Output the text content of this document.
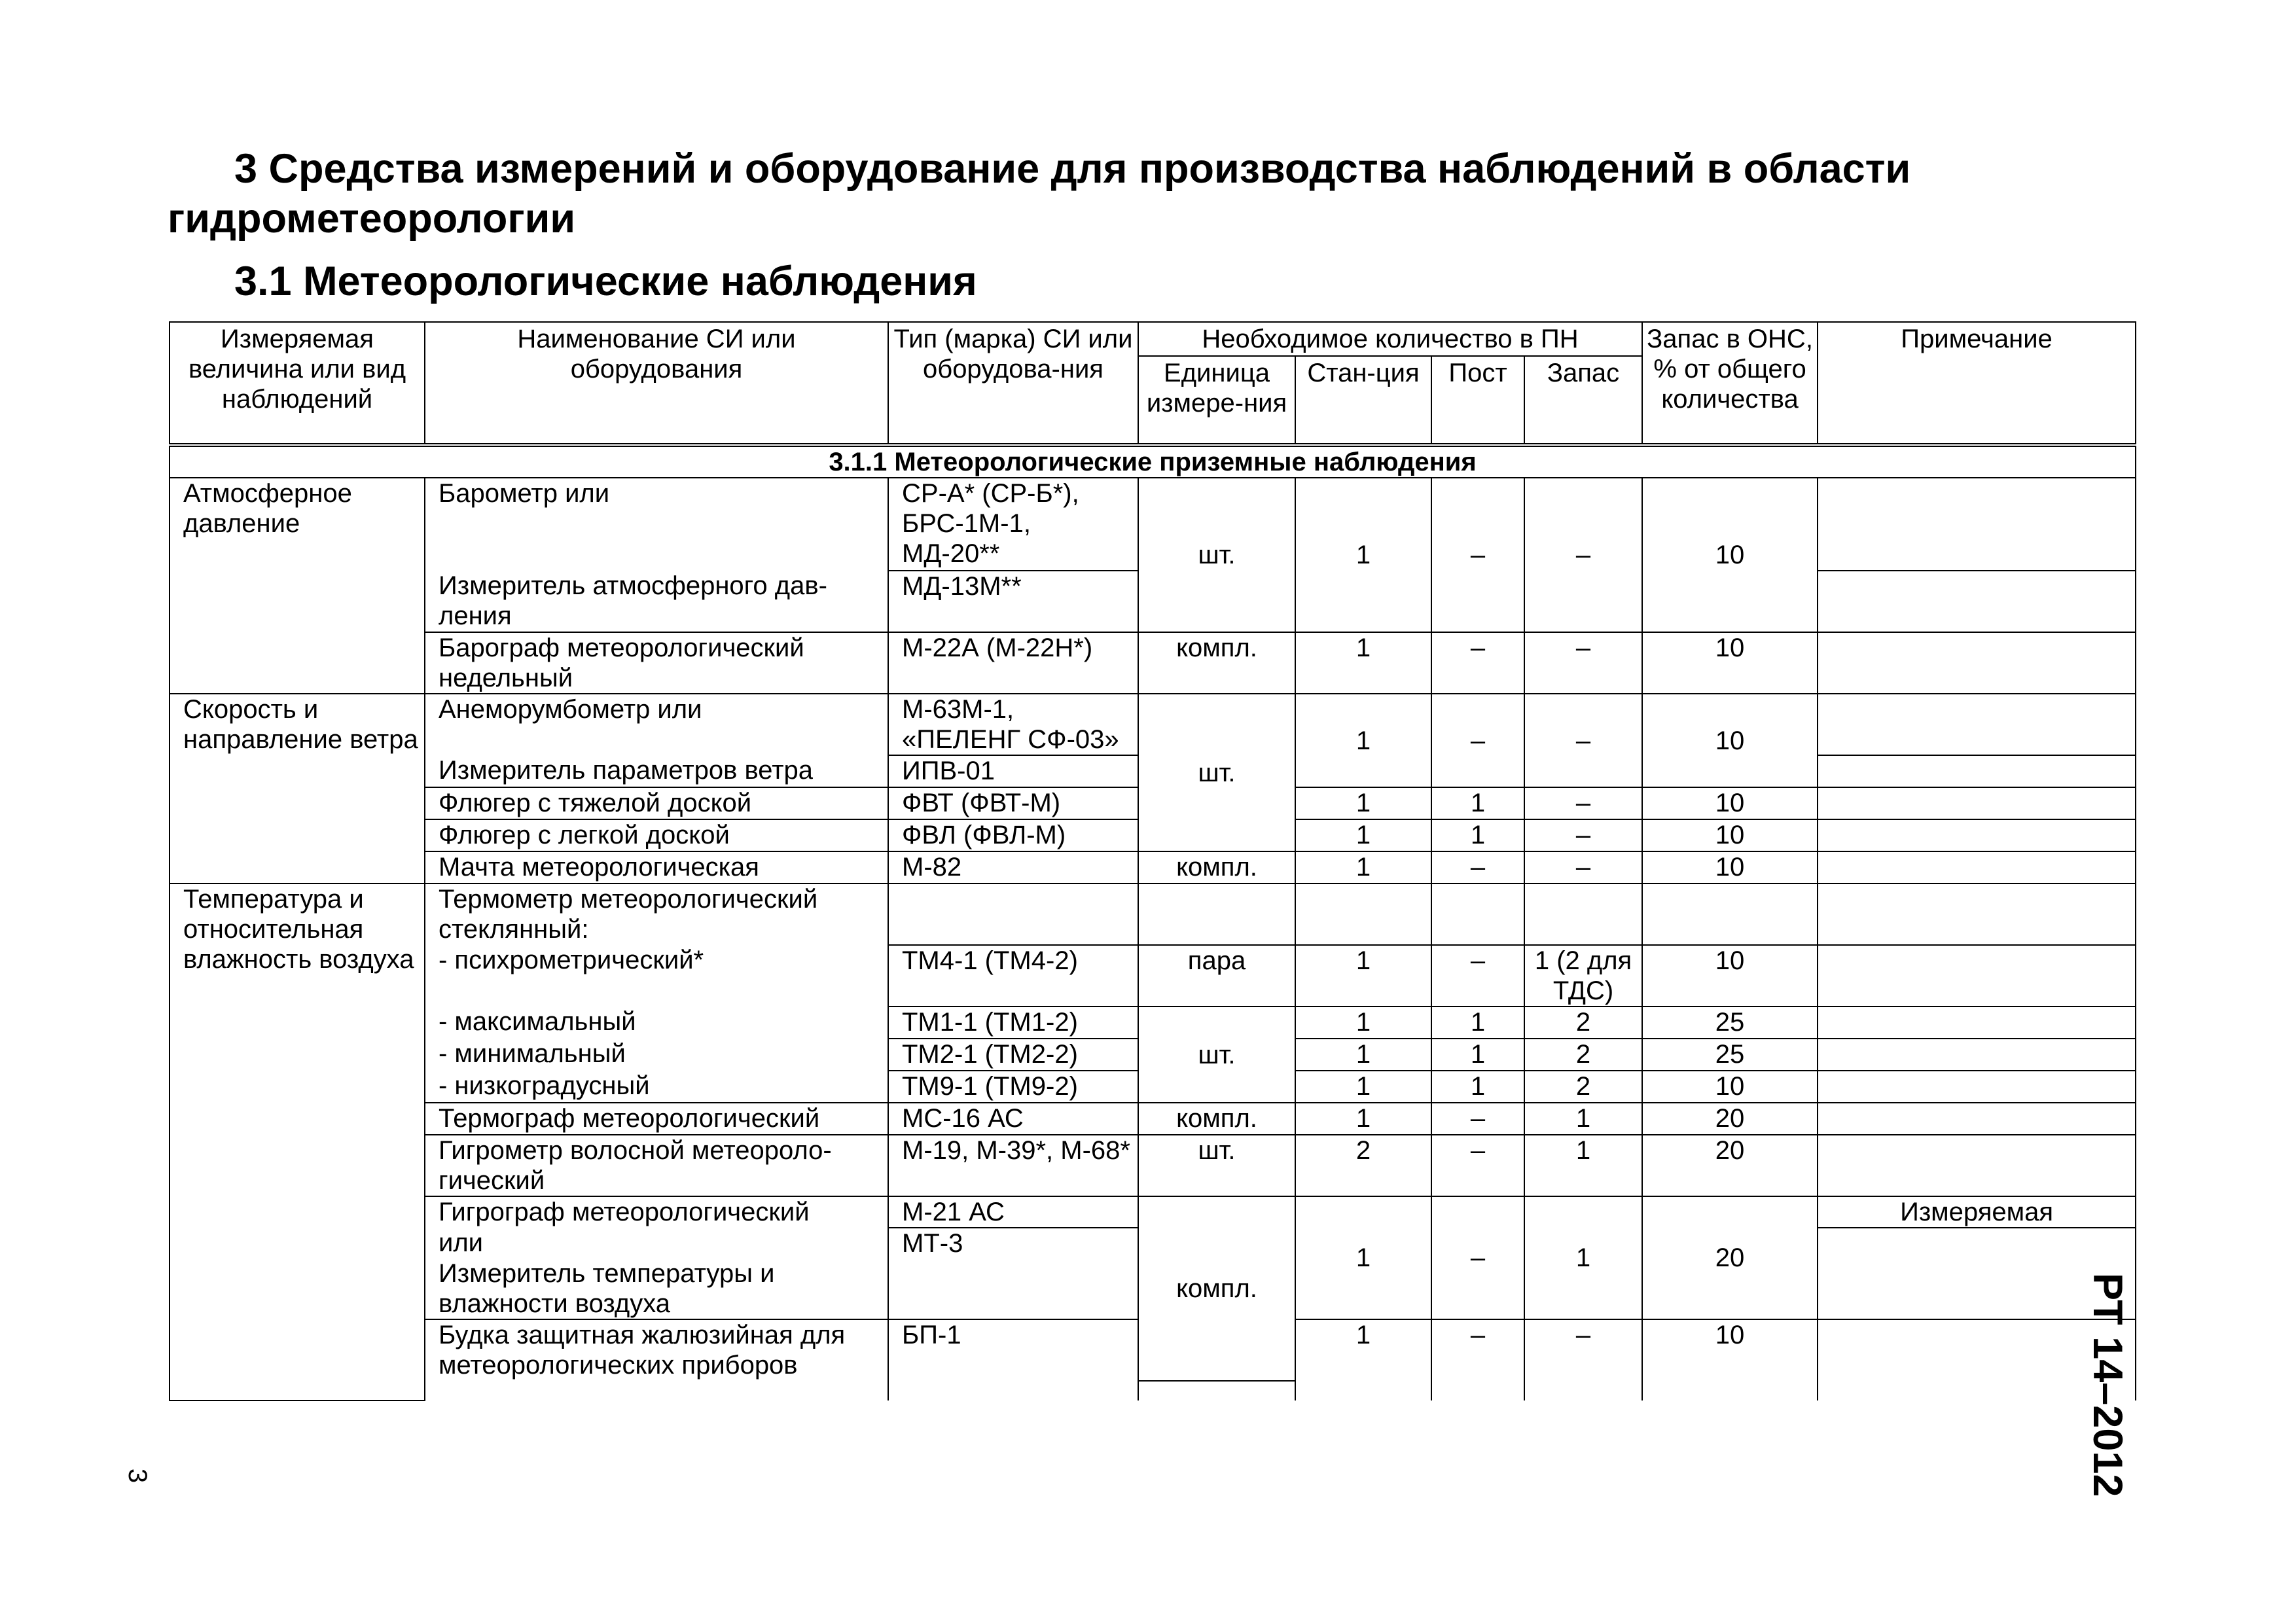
3 Средства измерений и оборудование для производства наблюдений в области
гидрометеорологии
3.1 Метеорологические наблюдения
Измеряемая величина или вид наблюдений	Наименование СИ или оборудования	Тип (марка) СИ или оборудова-ния	Необходимое количество в ПН				Запас в ОНС, % от общего количества	Примечание
			Единица измере-ния	Стан-ция	Пост	Запас		
3.1.1 Метеорологические приземные наблюдения								
Атмосферное давление	Барометр или	СР-А* (СР-Б*), БРС-1М-1, МД-20**	шт.	1	–	–	10	
	Измеритель атмосферного дав-ления	МД-13М**						
	Барограф метеорологический недельный	М-22А (М-22Н*)	компл.	1	–	–	10	
Скорость и направление ветра	Анеморумбометр или	М-63М-1, «ПЕЛЕНГ СФ-03»	шт.	1	–	–	10	
	Измеритель параметров ветра	ИПВ-01						
	Флюгер с тяжелой доской	ФВТ (ФВТ-М)		1	1	–	10	
	Флюгер с легкой доской	ФВЛ (ФВЛ-М)		1	1	–	10	
	Мачта метеорологическая	М-82	компл.	1	–	–	10	
Температура и относительная влажность воздуха	Термометр метеорологический стеклянный:							
	- психрометрический*	ТМ4-1 (ТМ4-2)	пара	1	–	1 (2 для ТДС)	10	
	- максимальный	ТМ1-1 (ТМ1-2)	шт.	1	1	2	25	
	- минимальный	ТМ2-1 (ТМ2-2)		1	1	2	25	
	- низкоградусный	ТМ9-1 (ТМ9-2)		1	1	2	10	
	Термограф метеорологический	МС-16 АС	компл.	1	–	1	20	
	Гигрометр волосной метеороло-гический	М-19, М-39*, М-68*	шт.	2	–	1	20	
	Гигрограф метеорологический	М-21 АС	компл.	1	–	1	20	Измеряемая
	или	МТ-3						
	Измеритель температуры и влажности воздуха							
	Будка защитная жалюзийная для метеорологических приборов	БП-1		1	–	–	10	
								РТ 14–2012
3
